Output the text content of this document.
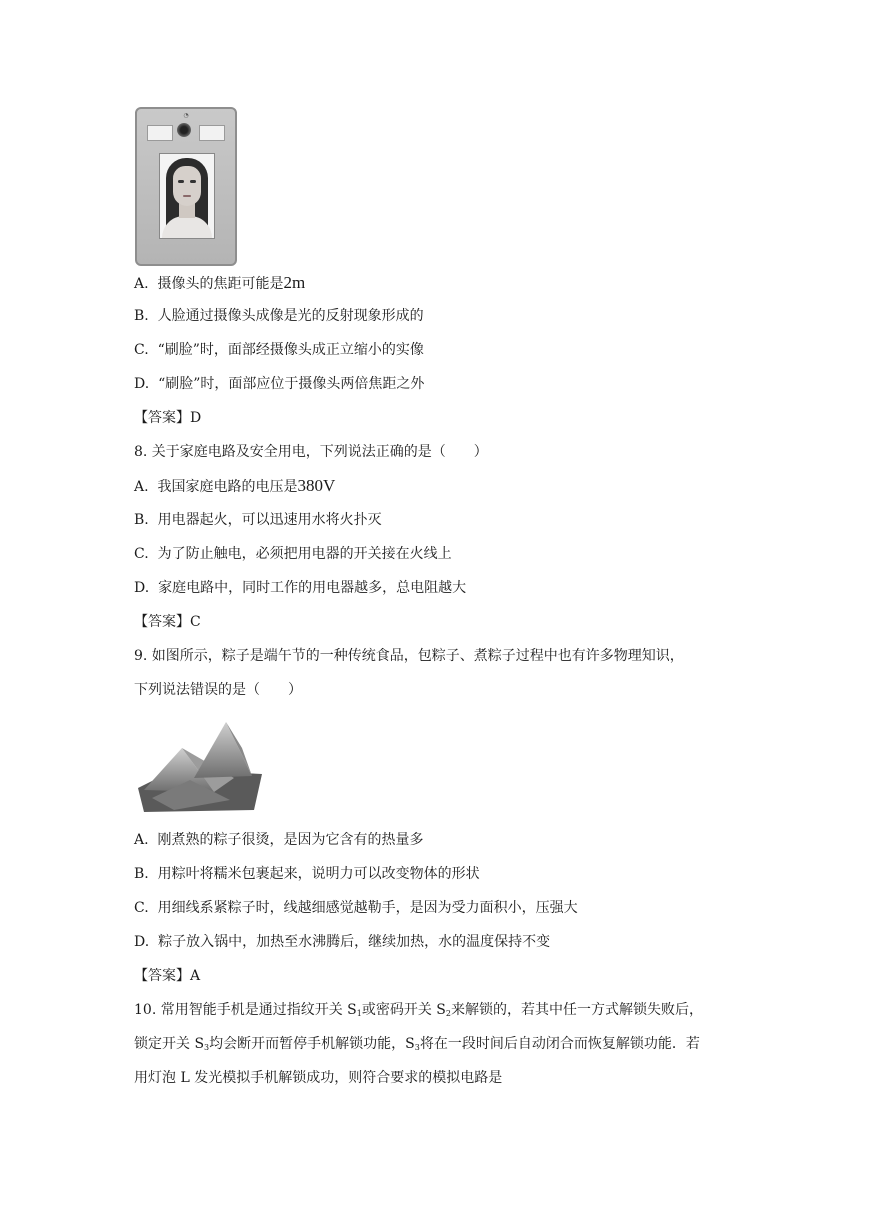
◔
A. 摄像头的焦距可能是2m
B. 人脸通过摄像头成像是光的反射现象形成的
C. “刷脸”时，面部经摄像头成正立缩小的实像
D. “刷脸”时，面部应位于摄像头两倍焦距之外
【答案】D
8. 关于家庭电路及安全用电，下列说法正确的是（　　）
A. 我国家庭电路的电压是380V
B. 用电器起火，可以迅速用水将火扑灭
C. 为了防止触电，必须把用电器的开关接在火线上
D. 家庭电路中，同时工作的用电器越多，总电阻越大
【答案】C
9. 如图所示，粽子是端午节的一种传统食品，包粽子、煮粽子过程中也有许多物理知识，
下列说法错误的是（　　）
A. 刚煮熟的粽子很烫，是因为它含有的热量多
B. 用粽叶将糯米包裹起来，说明力可以改变物体的形状
C. 用细线系紧粽子时，线越细感觉越勒手，是因为受力面积小，压强大
D. 粽子放入锅中，加热至水沸腾后，继续加热，水的温度保持不变
【答案】A
10. 常用智能手机是通过指纹开关 $S_1$或密码开关 $S_2$来解锁的，若其中任一方式解锁失败后，
锁定开关 $S_3$均会断开而暂停手机解锁功能，$S_3$将在一段时间后自动闭合而恢复解锁功能．若
用灯泡 L 发光模拟手机解锁成功，则符合要求的模拟电路是
